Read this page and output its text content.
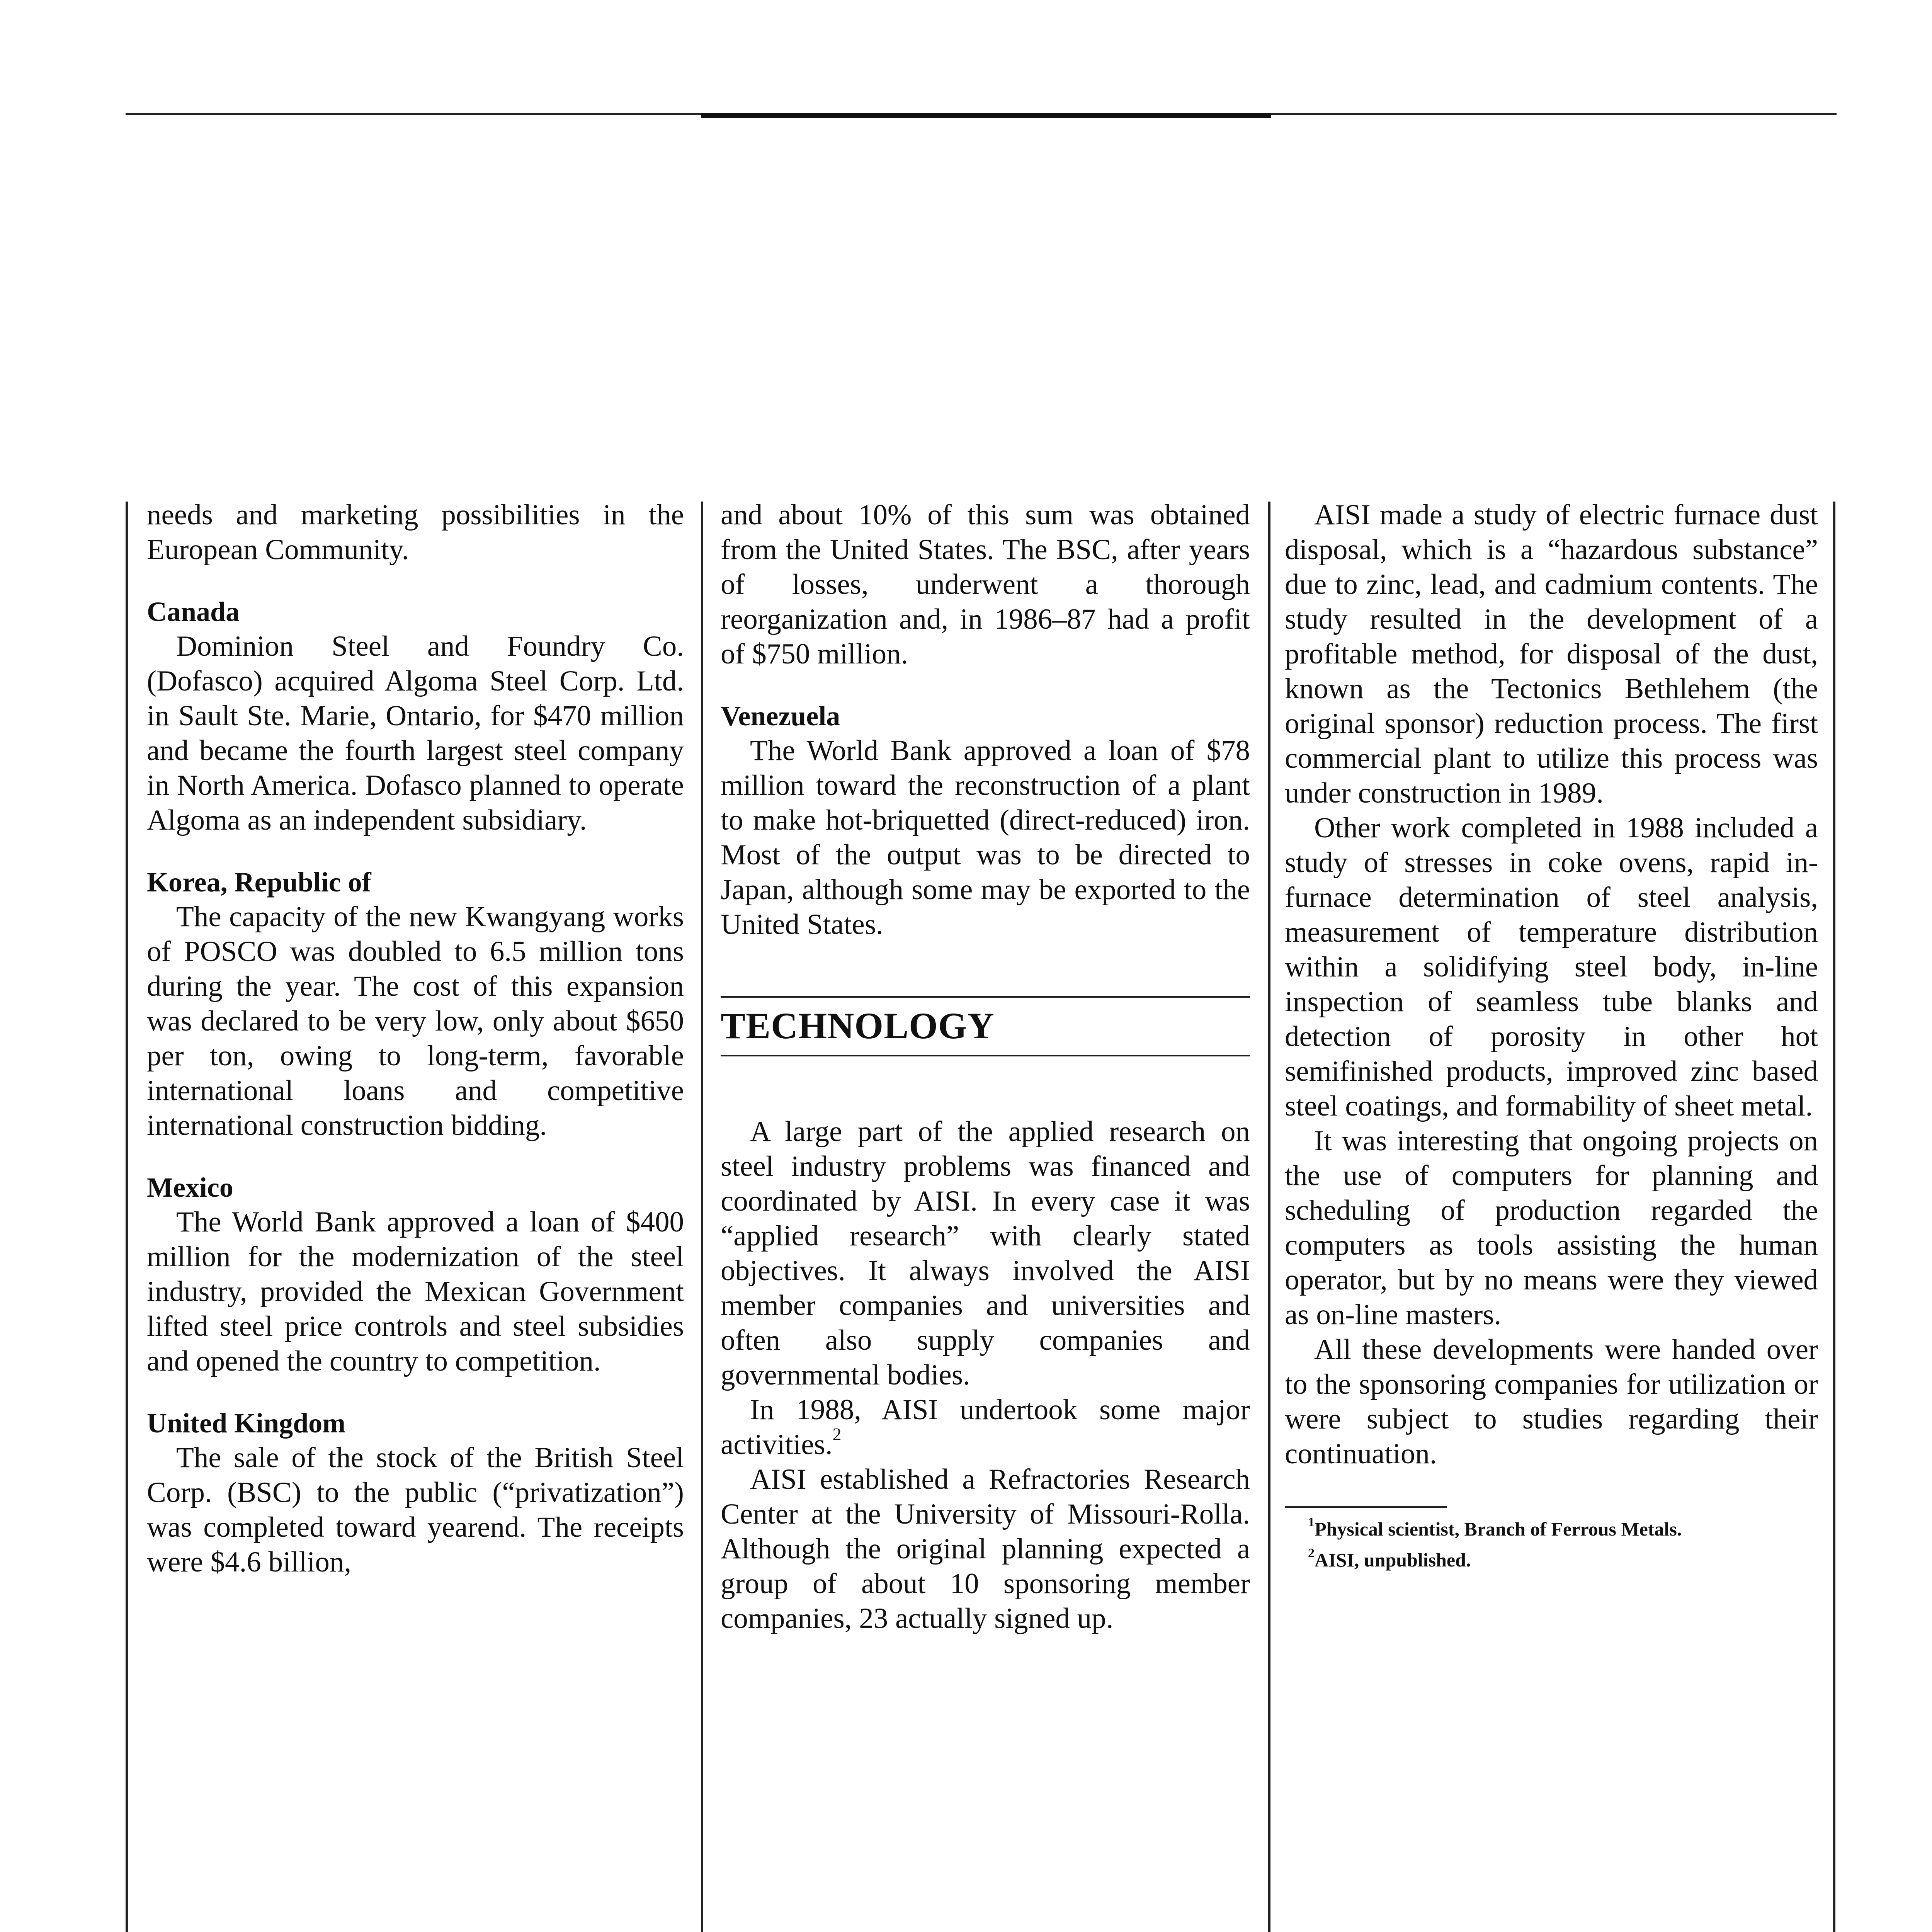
needs and marketing possibilities in the European Community.

Canada

Dominion Steel and Foundry Co. (Dofasco) acquired Algoma Steel Corp. Ltd. in Sault Ste. Marie, Ontario, for $470 million and became the fourth largest steel company in North America. Dofasco planned to operate Algoma as an independent subsidiary.

Korea, Republic of

The capacity of the new Kwangyang works of POSCO was doubled to 6.5 million tons during the year. The cost of this expansion was declared to be very low, only about $650 per ton, owing to long-term, favorable international loans and competitive international construction bidding.

Mexico

The World Bank approved a loan of $400 million for the modernization of the steel industry, provided the Mexican Government lifted steel price controls and steel subsidies and opened the country to competition.

United Kingdom

The sale of the stock of the British Steel Corp. (BSC) to the public (“privatization”) was completed toward yearend. The receipts were $4.6 billion,

and about 10% of this sum was obtained from the United States. The BSC, after years of losses, underwent a thorough reorganization and, in 1986–87 had a profit of $750 million.

Venezuela

The World Bank approved a loan of $78 million toward the reconstruction of a plant to make hot-briquetted (direct-reduced) iron. Most of the output was to be directed to Japan, although some may be exported to the United States.

TECHNOLOGY

A large part of the applied research on steel industry problems was financed and coordinated by AISI. In every case it was “applied research” with clearly stated objectives. It always involved the AISI member companies and universities and often also supply companies and governmental bodies.

In 1988, AISI undertook some major activities.$^2$

AISI established a Refractories Research Center at the University of Missouri-Rolla. Although the original planning expected a group of about 10 sponsoring member companies, 23 actually signed up.

AISI made a study of electric furnace dust disposal, which is a “hazardous substance” due to zinc, lead, and cadmium contents. The study resulted in the development of a profitable method, for disposal of the dust, known as the Tectonics Bethlehem (the original sponsor) reduction process. The first commercial plant to utilize this process was under construction in 1989.

Other work completed in 1988 included a study of stresses in coke ovens, rapid in-furnace determination of steel analysis, measurement of temperature distribution within a solidifying steel body, in-line inspection of seamless tube blanks and detection of porosity in other hot semifinished products, improved zinc based steel coatings, and formability of sheet metal.

It was interesting that ongoing projects on the use of computers for planning and scheduling of production regarded the computers as tools assisting the human operator, but by no means were they viewed as on-line masters.

All these developments were handed over to the sponsoring companies for utilization or were subject to studies regarding their continuation.

$^1$Physical scientist, Branch of Ferrous Metals.

$^2$AISI, unpublished.
